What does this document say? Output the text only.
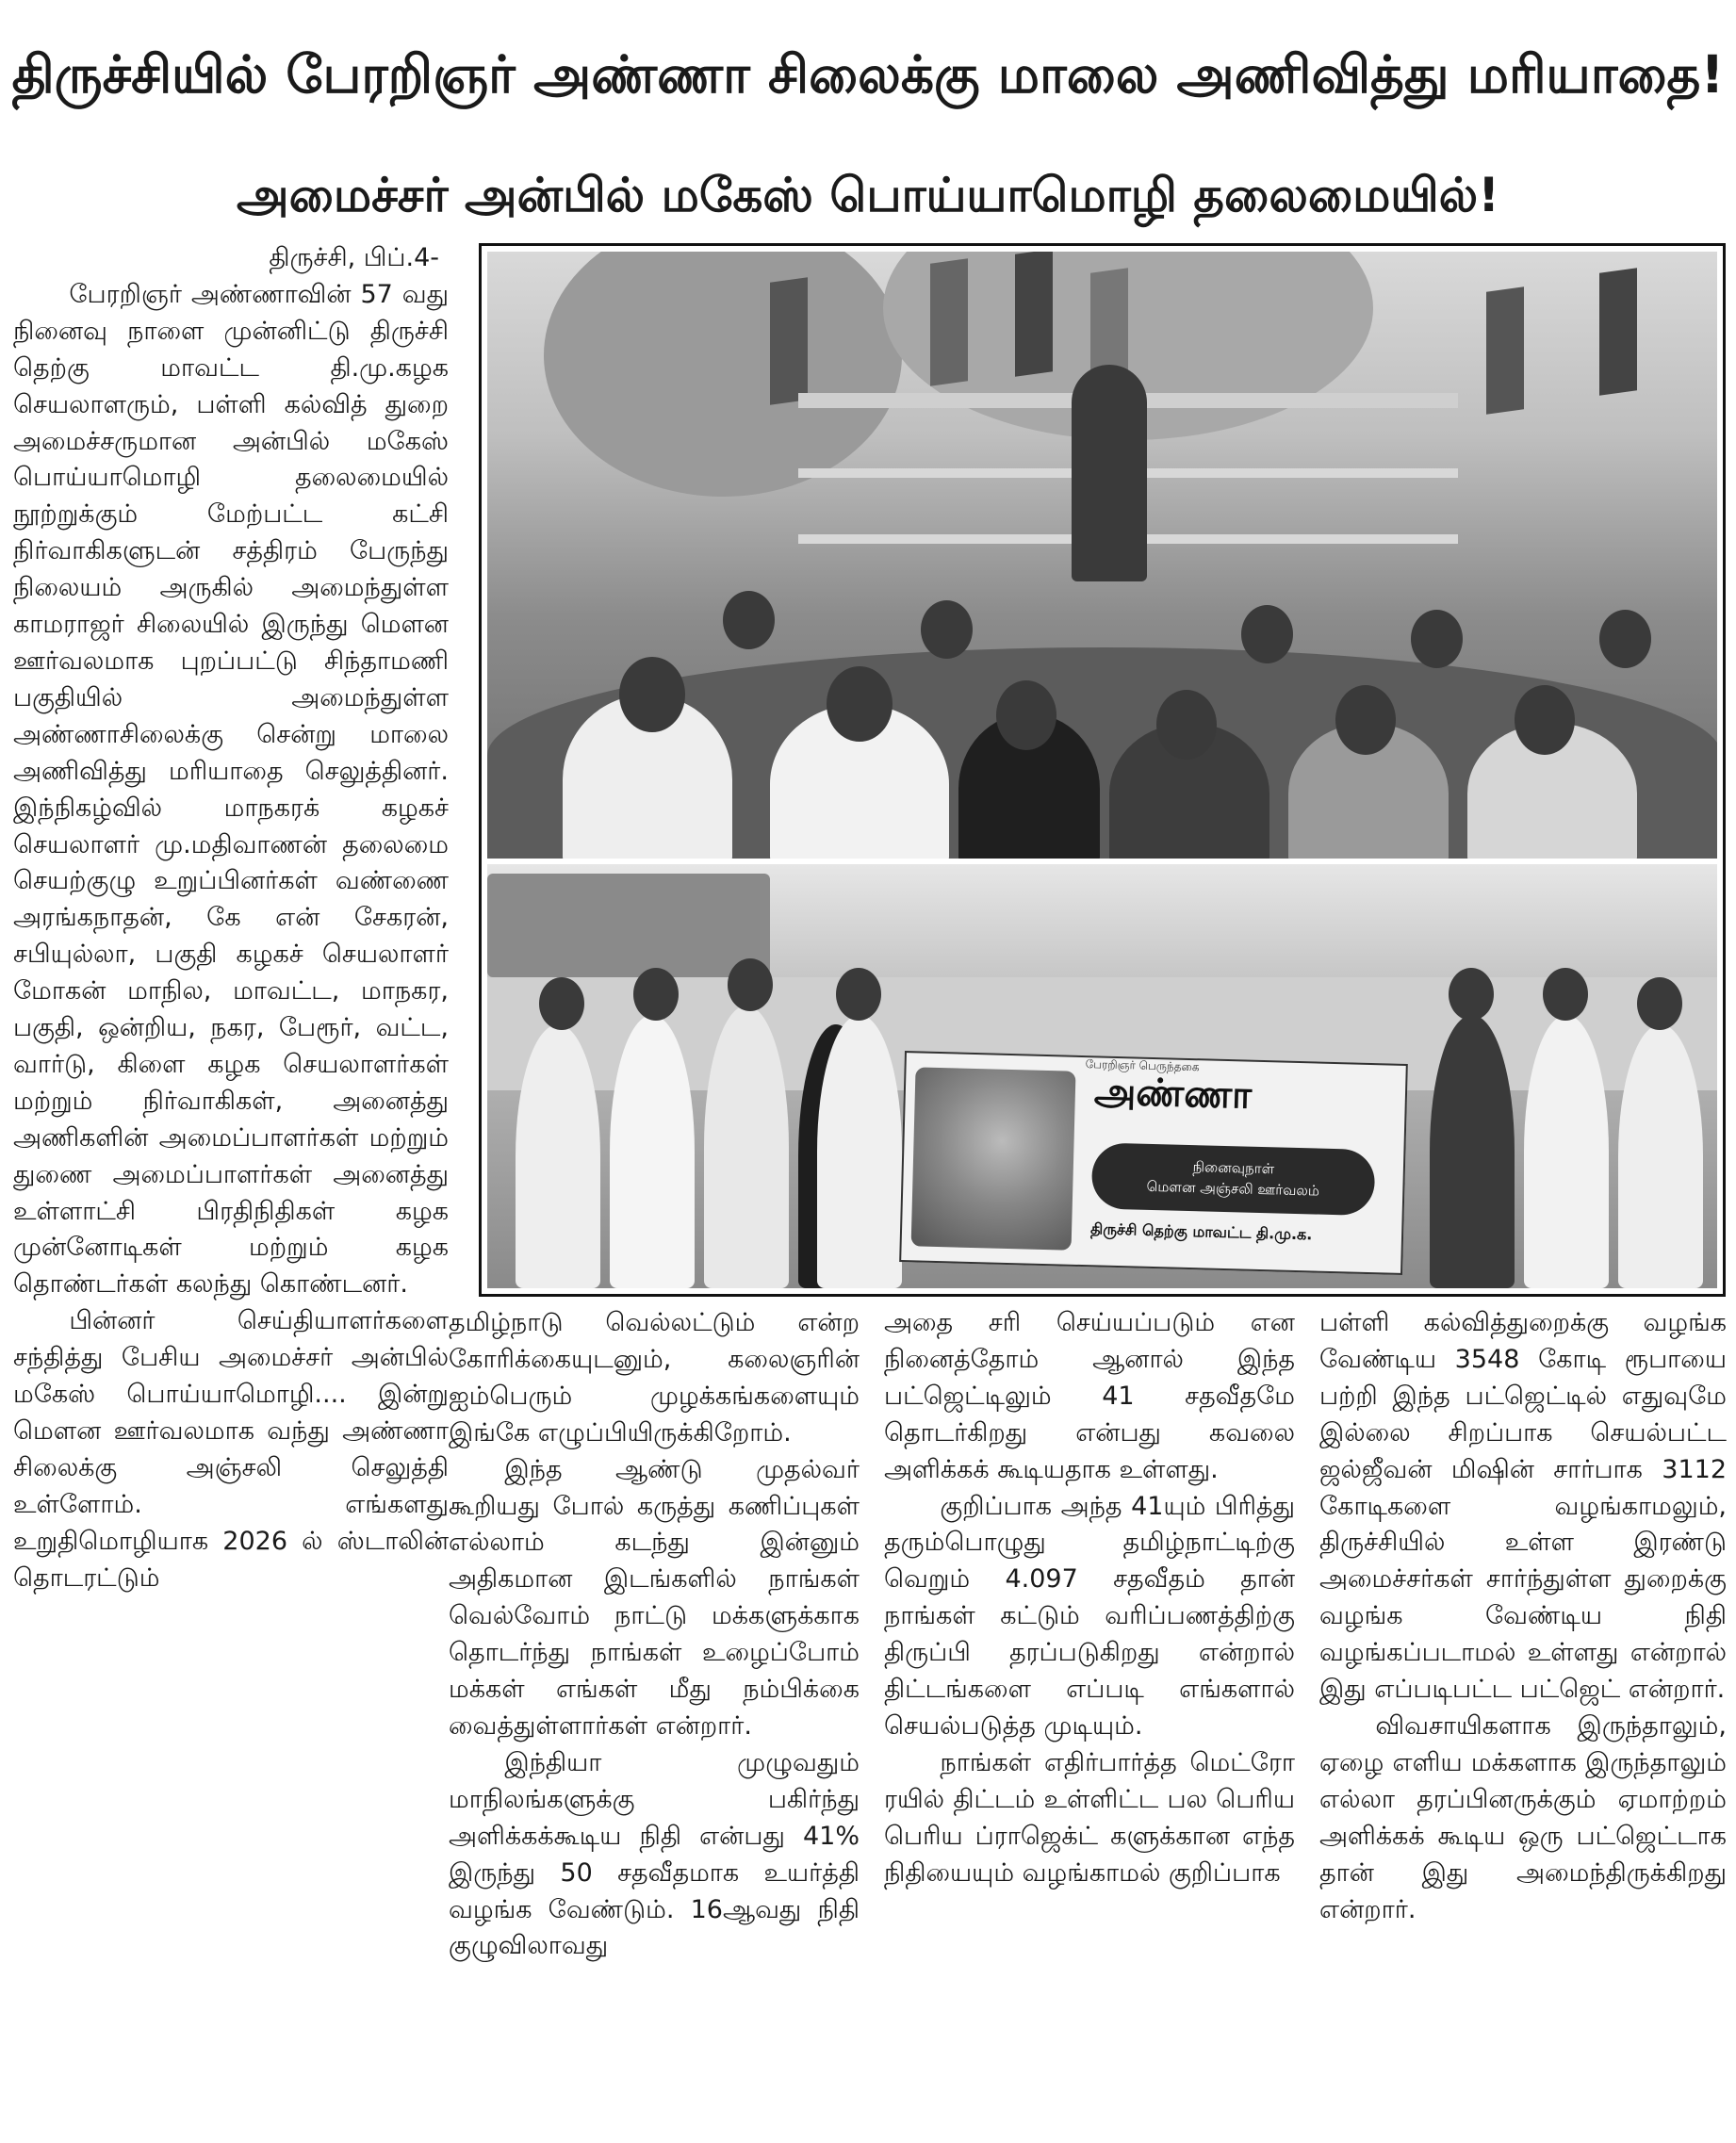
திருச்சியில் பேரறிஞர் அண்ணா சிலைக்கு மாலை அணிவித்து மரியாதை!
அமைச்சர் அன்பில் மகேஸ் பொய்யாமொழி தலைமையில்!

திருச்சி, பிப்.4-

பேரறிஞர் அண்ணாவின் 57 வது நினைவு நாளை முன்னிட்டு திருச்சி தெற்கு மாவட்ட தி.மு.கழக செயலாளரும், பள்ளி கல்வித் துறை அமைச்சருமான அன்பில் மகேஸ் பொய்யாமொழி தலைமையில் நூற்றுக்கும் மேற்பட்ட கட்சி நிர்வாகிகளுடன் சத்திரம் பேருந்து நிலையம் அருகில் அமைந்துள்ள காமராஜர் சிலையில் இருந்து மௌன ஊர்வலமாக புறப்பட்டு சிந்தாமணி பகுதியில் அமைந்துள்ள அண்ணாசிலைக்கு சென்று மாலை அணிவித்து மரியாதை செலுத்தினர். இந்நிகழ்வில் மாநகரக் கழகச் செயலாளர் மு.மதிவாணன் தலைமை செயற்குழு உறுப்பினர்கள் வண்ணை அரங்கநாதன், கே என் சேகரன், சபியுல்லா, பகுதி கழகச் செயலாளர் மோகன் மாநில, மாவட்ட, மாநகர, பகுதி, ஒன்றிய, நகர, பேரூர், வட்ட, வார்டு, கிளை கழக செயலாளர்கள் மற்றும் நிர்வாகிகள், அனைத்து அணிகளின் அமைப்பாளர்கள் மற்றும் துணை அமைப்பாளர்கள் அனைத்து உள்ளாட்சி பிரதிநிதிகள் கழக முன்னோடிகள் மற்றும் கழக தொண்டர்கள் கலந்து கொண்டனர்.

பின்னர் செய்தியாளர்களை சந்தித்து பேசிய அமைச்சர் அன்பில் மகேஸ் பொய்யாமொழி.... இன்று மௌன ஊர்வலமாக வந்து அண்ணா சிலைக்கு அஞ்சலி செலுத்தி உள்ளோம். எங்களது உறுதிமொழியாக 2026 ல் ஸ்டாலின் தொடரட்டும்

பேரறிஞர் பெருந்தகை
அண்ணா
நினைவுநாள்
மௌன அஞ்சலி ஊர்வலம்
திருச்சி தெற்கு மாவட்ட தி.மு.க.

தமிழ்நாடு வெல்லட்டும் என்ற கோரிக்கையுடனும், கலைஞரின் ஐம்பெரும் முழக்கங்களையும் இங்கே எழுப்பியிருக்கிறோம்.

இந்த ஆண்டு முதல்வர் கூறியது போல் கருத்து கணிப்புகள் எல்லாம் கடந்து இன்னும் அதிகமான இடங்களில் நாங்கள் வெல்வோம் நாட்டு மக்களுக்காக தொடர்ந்து நாங்கள் உழைப்போம் மக்கள் எங்கள் மீது நம்பிக்கை வைத்துள்ளார்கள் என்றார்.

இந்தியா முழுவதும் மாநிலங்களுக்கு பகிர்ந்து அளிக்கக்கூடிய நிதி என்பது 41% இருந்து 50 சதவீதமாக உயர்த்தி வழங்க வேண்டும். 16ஆவது நிதி குழுவிலாவது

அதை சரி செய்யப்படும் என நினைத்தோம் ஆனால் இந்த பட்ஜெட்டிலும் 41 சதவீதமே தொடர்கிறது என்பது கவலை அளிக்கக் கூடியதாக உள்ளது.

குறிப்பாக அந்த 41யும் பிரித்து தரும்பொழுது தமிழ்நாட்டிற்கு வெறும் 4.097 சதவீதம் தான் நாங்கள் கட்டும் வரிப்பணத்திற்கு திருப்பி தரப்படுகிறது என்றால் திட்டங்களை எப்படி எங்களால் செயல்படுத்த முடியும்.

நாங்கள் எதிர்பார்த்த மெட்ரோ ரயில் திட்டம் உள்ளிட்ட பல பெரிய பெரிய ப்ராஜெக்ட் களுக்கான எந்த நிதியையும் வழங்காமல் குறிப்பாக

பள்ளி கல்வித்துறைக்கு வழங்க வேண்டிய 3548 கோடி ரூபாயை பற்றி இந்த பட்ஜெட்டில் எதுவுமே இல்லை சிறப்பாக செயல்பட்ட ஜல்ஜீவன் மிஷின் சார்பாக 3112 கோடிகளை வழங்காமலும், திருச்சியில் உள்ள இரண்டு அமைச்சர்கள் சார்ந்துள்ள துறைக்கு வழங்க வேண்டிய நிதி வழங்கப்படாமல் உள்ளது என்றால் இது எப்படிபட்ட பட்ஜெட் என்றார்.

விவசாயிகளாக இருந்தாலும், ஏழை எளிய மக்களாக இருந்தாலும் எல்லா தரப்பினருக்கும் ஏமாற்றம் அளிக்கக் கூடிய ஒரு பட்ஜெட்டாக தான் இது அமைந்திருக்கிறது என்றார்.
